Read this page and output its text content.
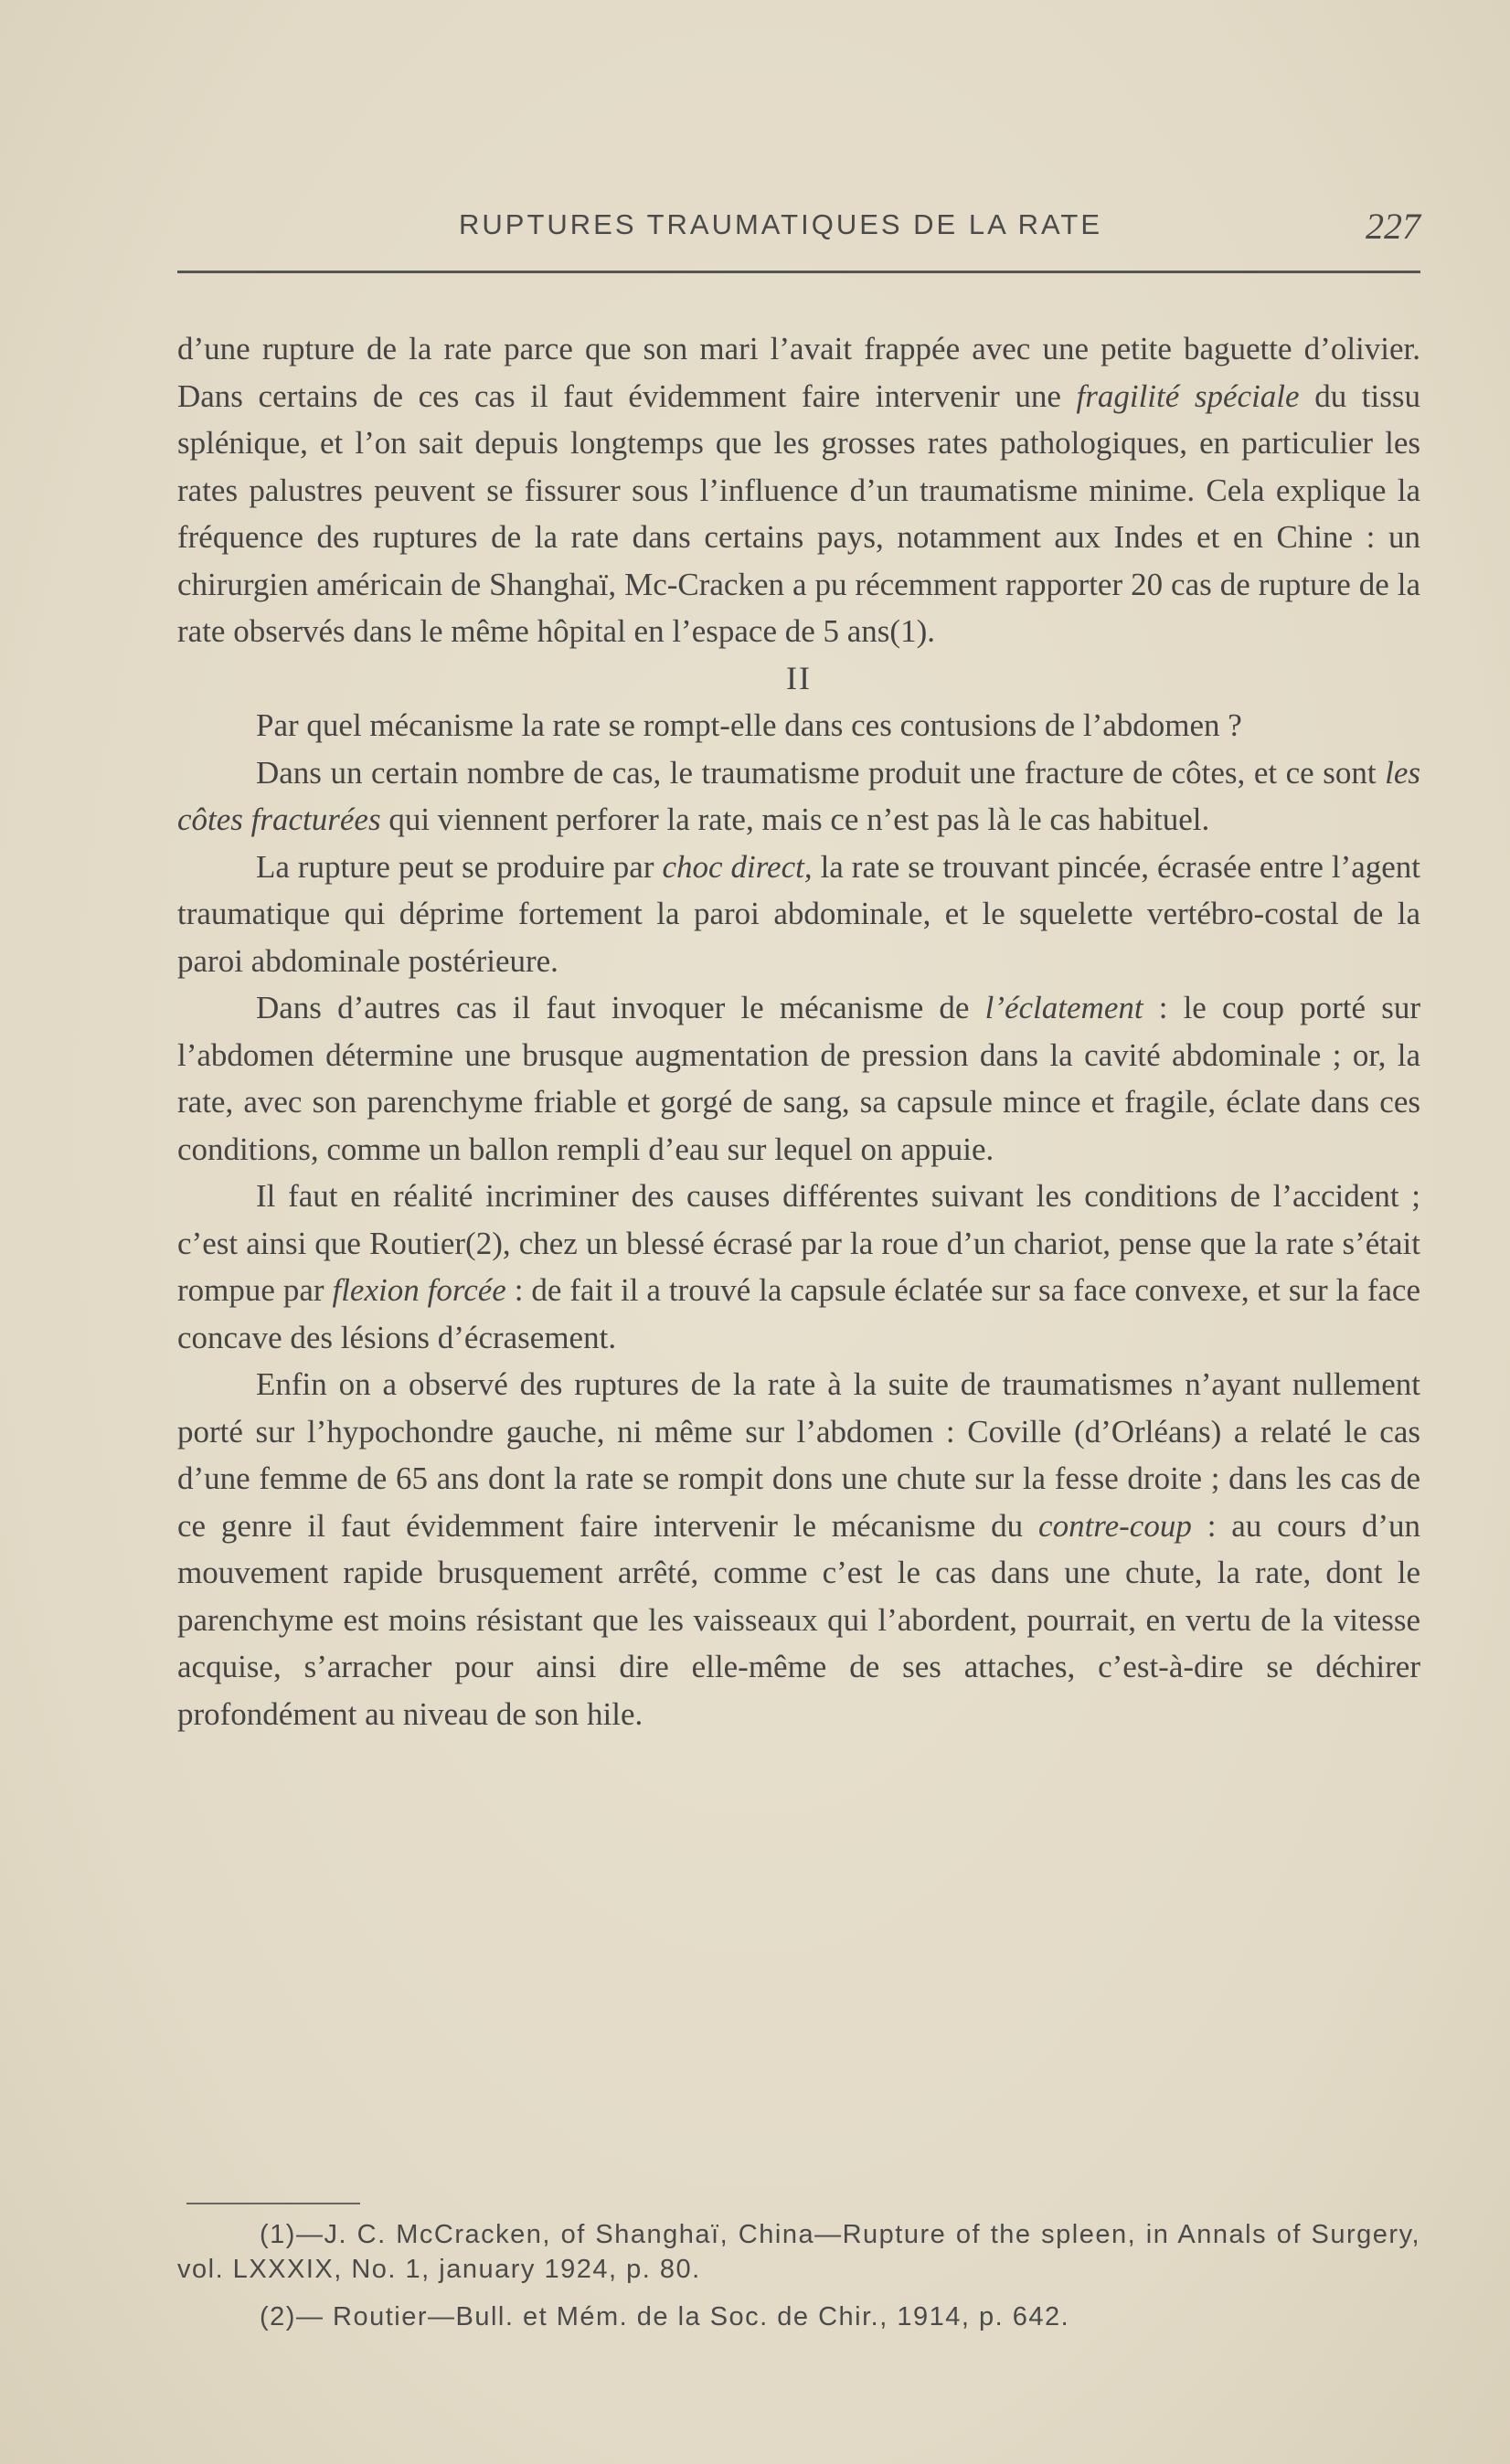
RUPTURES TRAUMATIQUES DE LA RATE	227

d’une rupture de la rate parce que son mari l’avait frappée avec une petite baguette d’olivier. Dans certains de ces cas il faut évidemment faire intervenir une fragilité spéciale du tissu splénique, et l’on sait depuis longtemps que les grosses rates pathologiques, en particulier les rates palustres peuvent se fissurer sous l’influence d’un traumatisme minime. Cela explique la fréquence des ruptures de la rate dans certains pays, notamment aux Indes et en Chine : un chirurgien américain de Shanghaï, Mc-Cracken a pu récemment rapporter 20 cas de rupture de la rate observés dans le même hôpital en l’espace de 5 ans(1).

II

Par quel mécanisme la rate se rompt-elle dans ces contusions de l’abdomen ?

Dans un certain nombre de cas, le traumatisme produit une fracture de côtes, et ce sont les côtes fracturées qui viennent perforer la rate, mais ce n’est pas là le cas habituel.

La rupture peut se produire par choc direct, la rate se trouvant pincée, écrasée entre l’agent traumatique qui déprime fortement la paroi abdominale, et le squelette vertébro-costal de la paroi abdominale postérieure.

Dans d’autres cas il faut invoquer le mécanisme de l’éclatement : le coup porté sur l’abdomen détermine une brusque augmentation de pression dans la cavité abdominale ; or, la rate, avec son parenchyme friable et gorgé de sang, sa capsule mince et fragile, éclate dans ces conditions, comme un ballon rempli d’eau sur lequel on appuie.

Il faut en réalité incriminer des causes différentes suivant les conditions de l’accident ; c’est ainsi que Routier(2), chez un blessé écrasé par la roue d’un chariot, pense que la rate s’était rompue par flexion forcée : de fait il a trouvé la capsule éclatée sur sa face convexe, et sur la face concave des lésions d’écrasement.

Enfin on a observé des ruptures de la rate à la suite de traumatismes n’ayant nullement porté sur l’hypochondre gauche, ni même sur l’abdomen : Coville (d’Orléans) a relaté le cas d’une femme de 65 ans dont la rate se rompit dons une chute sur la fesse droite ; dans les cas de ce genre il faut évidemment faire intervenir le mécanisme du contre-coup : au cours d’un mouvement rapide brusquement arrêté, comme c’est le cas dans une chute, la rate, dont le parenchyme est moins résistant que les vaisseaux qui l’abordent, pourrait, en vertu de la vitesse acquise, s’arracher pour ainsi dire elle-même de ses attaches, c’est-à-dire se déchirer profondément au niveau de son hile.

(1)—J. C. McCracken, of Shanghaï, China—Rupture of the spleen, in Annals of Surgery, vol. LXXXIX, No. 1, january 1924, p. 80.

(2)— Routier—Bull. et Mém. de la Soc. de Chir., 1914, p. 642.
